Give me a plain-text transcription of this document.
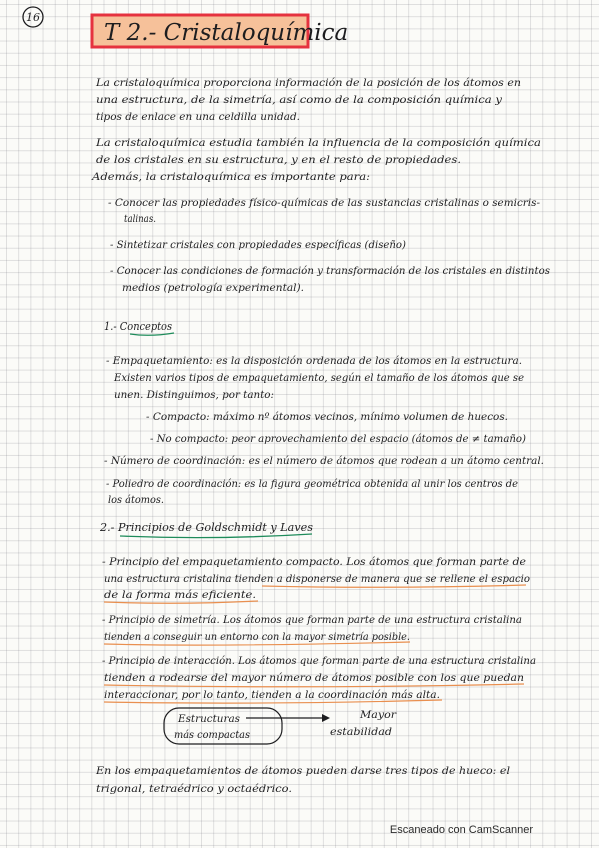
16
T 2.- Cristaloquímica
La cristaloquímica proporciona información de la posición de los átomos en
una estructura, de la simetría, así como de la composición química y
tipos de enlace en una celdilla unidad.
La cristaloquímica estudia también la influencia de la composición química
de los cristales en su estructura, y en el resto de propiedades.
Además, la cristaloquímica es importante para:
- Conocer las propiedades físico-químicas de las sustancias cristalinas o semicris-
talinas.
- Sintetizar cristales con propiedades específicas (diseño)
- Conocer las condiciones de formación y transformación de los cristales en distintos
medios (petrología experimental).
1.- Conceptos
- Empaquetamiento: es la disposición ordenada de los átomos en la estructura.
Existen varios tipos de empaquetamiento, según el tamaño de los átomos que se
unen. Distinguimos, por tanto:
- Compacto: máximo nº átomos vecinos, mínimo volumen de huecos.
- No compacto: peor aprovechamiento del espacio (átomos de ≠ tamaño)
- Número de coordinación: es el número de átomos que rodean a un átomo central.
- Poliedro de coordinación: es la figura geométrica obtenida al unir los centros de
los átomos.
2.- Principios de Goldschmidt y Laves
- Principio del empaquetamiento compacto. Los átomos que forman parte de
una estructura cristalina tienden a disponerse de manera que se rellene el espacio
de la forma más eficiente.
- Principio de simetría. Los átomos que forman parte de una estructura cristalina
tienden a conseguir un entorno con la mayor simetría posible.
- Principio de interacción. Los átomos que forman parte de una estructura cristalina
tienden a rodearse del mayor número de átomos posible con los que puedan
interaccionar, por lo tanto, tienden a la coordinación más alta.
Estructuras
más compactas
Mayor
estabilidad
En los empaquetamientos de átomos pueden darse tres tipos de hueco: el
trigonal, tetraédrico y octaédrico.
Escaneado con CamScanner
